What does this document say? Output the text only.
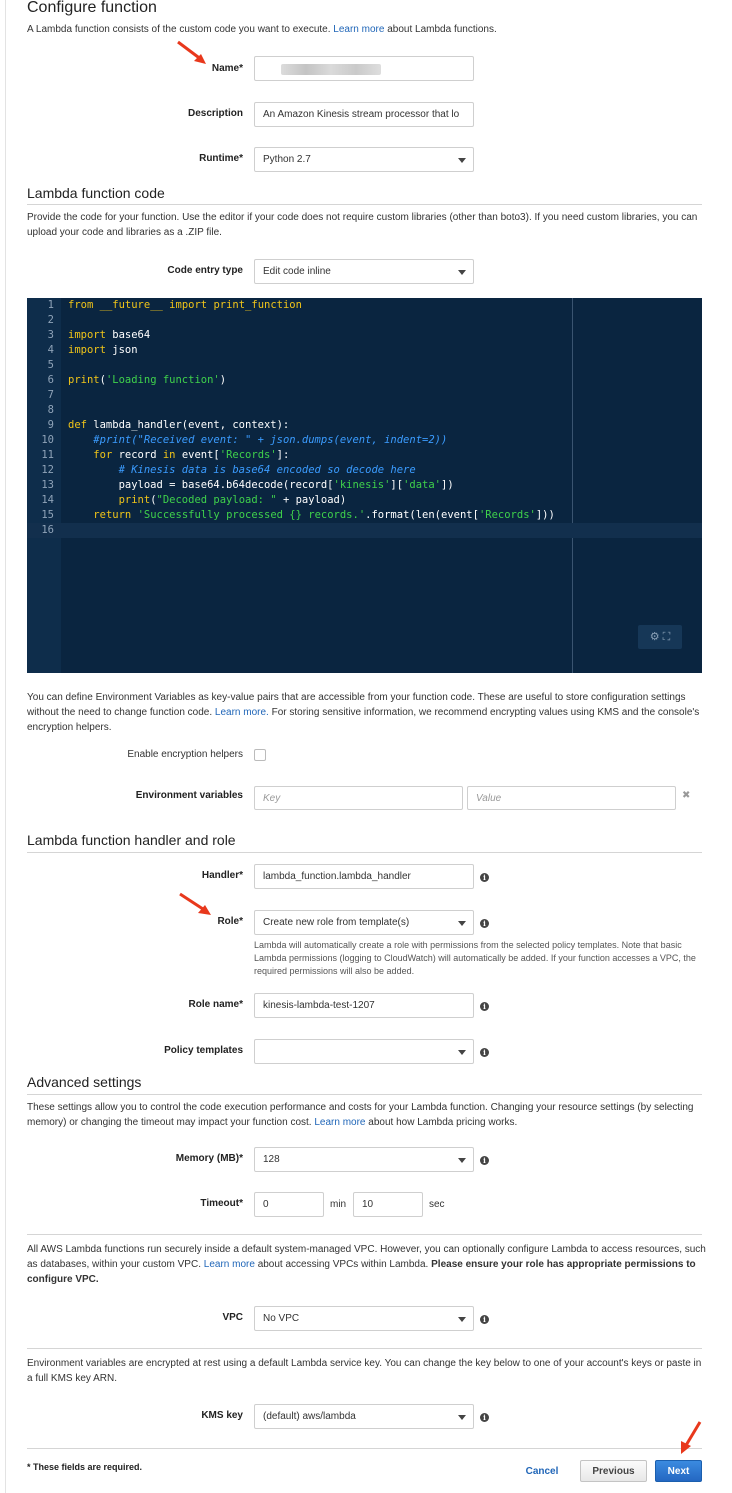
Configure function
A Lambda function consists of the custom code you want to execute. Learn more about Lambda functions.
Name*
Description	An Amazon Kinesis stream processor that lo
Runtime* Python 2.7
Lambda function code
Provide the code for your function. Use the editor if your code does not require custom libraries (other than boto3). If you need custom libraries, you can upload your code and libraries as a .ZIP file.
Code entry type Edit code inline
1 from __future__ import print_function
2
3 import base64
4 import json
5
6 print('Loading function')
7
8
9 def lambda_handler(event, context):
10	#print("Received event: " + json.dumps(event, indent=2))
11	for record in event['Records']:
12	# Kinesis data is base64 encoded so decode here
13        payload = base64.b64decode(record['kinesis']['data'])
14	print("Decoded payload: " + payload)
15	return 'Successfully processed {} records.'.format(len(event['Records']))
16
⚙ ⛶
You can define Environment Variables as key-value pairs that are accessible from your function code. These are useful to store configuration settings without the need to change function code. Learn more. For storing sensitive information, we recommend encrypting values using KMS and the console's encryption helpers.
Enable encryption helpers
Environment variables	Key	Value	✖
Lambda function handler and role
Handler*	lambda_function.lambda_handler	i
Role* Create new role from template(s)	i
Lambda will automatically create a role with permissions from the selected policy templates. Note that basic Lambda permissions (logging to CloudWatch) will automatically be added. If your function accesses a VPC, the required permissions will also be added.
Role name*	kinesis-lambda-test-1207	i
Policy templates	i
Advanced settings
These settings allow you to control the code execution performance and costs for your Lambda function. Changing your resource settings (by selecting memory) or changing the timeout may impact your function cost. Learn more about how Lambda pricing works.
Memory (MB)* 128	i
Timeout*	0	min	10	sec
All AWS Lambda functions run securely inside a default system-managed VPC. However, you can optionally configure Lambda to access resources, such as databases, within your custom VPC. Learn more about accessing VPCs within Lambda. Please ensure your role has appropriate permissions to configure VPC.
VPC No VPC	i
Environment variables are encrypted at rest using a default Lambda service key. You can change the key below to one of your account's keys or paste in a full KMS key ARN.
KMS key (default) aws/lambda	i
* These fields are required.	Cancel	Previous	Next
